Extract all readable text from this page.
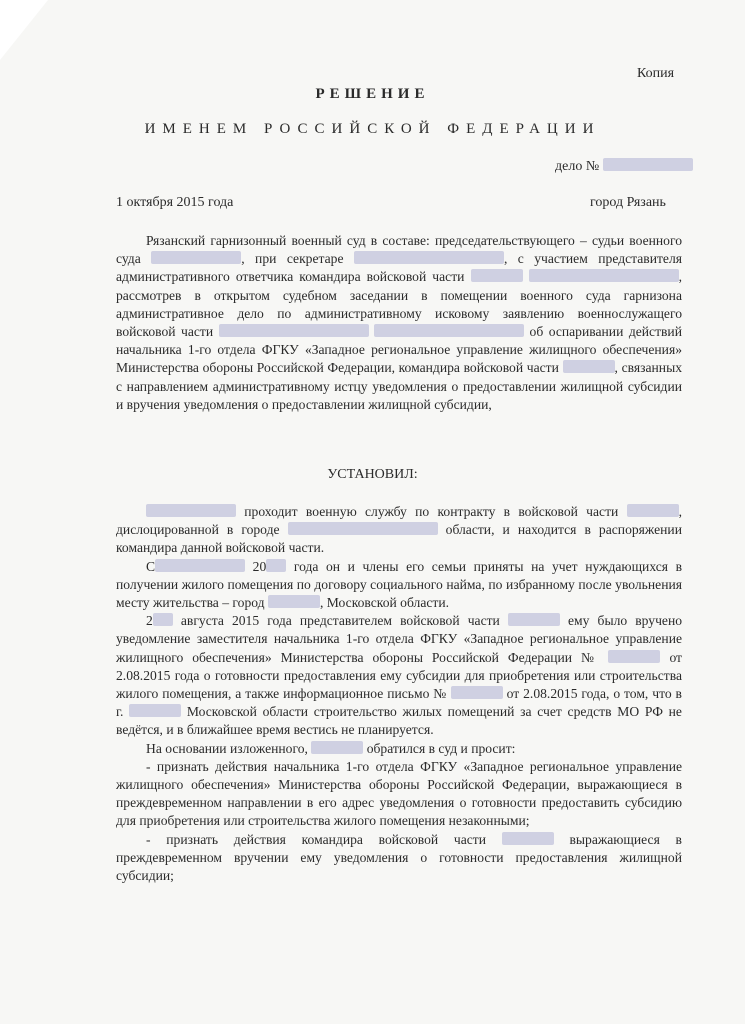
Копия
РЕШЕНИЕ
ИМЕНЕМ РОССИЙСКОЙ ФЕДЕРАЦИИ
дело №
1 октября 2015 года	город Рязань

Рязанский гарнизонный военный суд в составе: председательствующего – судьи военного суда	, при секретаре	, с участием представителя административного ответчика командира войсковой части	, рассмотрев в открытом судебном заседании в помещении военного суда гарнизона административное дело по административному исковому заявлению военнослужащего войсковой части	об оспаривании действий начальника 1-го отдела ФГКУ «Западное региональное управление жилищного обеспечения» Министерства обороны Российской Федерации, командира войсковой части	, связанных с направлением административному истцу уведомления о предоставлении жилищной субсидии и вручения уведомления о предоставлении жилищной субсидии,

УСТАНОВИЛ:

проходит военную службу по контракту в войсковой части	, дислоцированной в городе	области, и находится в распоряжении командира данной войсковой части.

С	20 года он и члены его семьи приняты на учет нуждающихся в получении жилого помещения по договору социального найма, по избранному после увольнения месту жительства – город	, Московской области.

2 августа 2015 года представителем войсковой части	ему было вручено уведомление заместителя начальника 1-го отдела ФГКУ «Западное региональное управление жилищного обеспечения» Министерства обороны Российской Федерации №	от 2.08.2015 года о готовности предоставления ему субсидии для приобретения или строительства жилого помещения, а также информационное письмо №	от 2.08.2015 года, о том, что в г.	Московской области строительство жилых помещений за счет средств МО РФ не ведётся, и в ближайшее время вестись не планируется.

На основании изложенного,	обратился в суд и просит:

- признать действия начальника 1-го отдела ФГКУ «Западное региональное управление жилищного обеспечения» Министерства обороны Российской Федерации, выражающиеся в преждевременном направлении в его адрес уведомления о готовности предоставить субсидию для приобретения или строительства жилого помещения незаконными;

- признать действия командира войсковой части	выражающиеся в преждевременном вручении ему уведомления о готовности предоставления жилищной субсидии;
